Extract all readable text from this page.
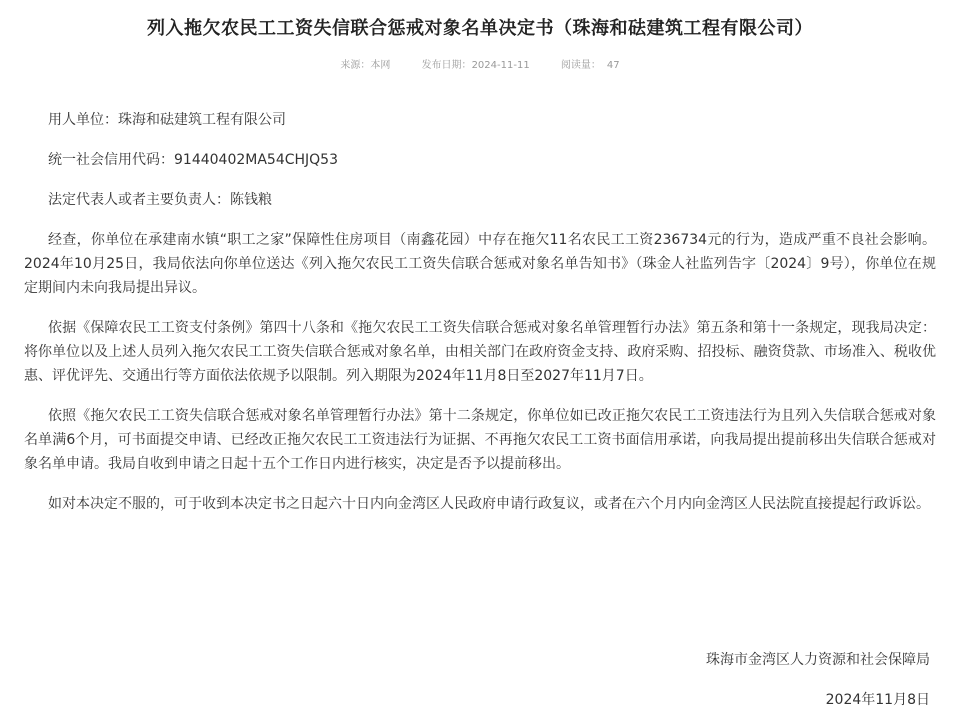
列入拖欠农民工工资失信联合惩戒对象名单决定书（珠海和砝建筑工程有限公司）
来源：本网	发布日期：2024-11-11	阅读量： 47

用人单位：珠海和砝建筑工程有限公司

统一社会信用代码：91440402MA54CHJQ53

法定代表人或者主要负责人：陈钱粮

经查，你单位在承建南水镇“职工之家”保障性住房项目（南鑫花园）中存在拖欠11名农民工工资236734元的行为，造成严重不良社会影响。2024年10月25日，我局依法向你单位送达《列入拖欠农民工工资失信联合惩戒对象名单告知书》（珠金人社监列告字〔2024〕9号），你单位在规定期间内未向我局提出异议。

依据《保障农民工工资支付条例》第四十八条和《拖欠农民工工资失信联合惩戒对象名单管理暂行办法》第五条和第十一条规定，现我局决定：将你单位以及上述人员列入拖欠农民工工资失信联合惩戒对象名单，由相关部门在政府资金支持、政府采购、招投标、融资贷款、市场准入、税收优惠、评优评先、交通出行等方面依法依规予以限制。列入期限为2024年11月8日至2027年11月7日。

依照《拖欠农民工工资失信联合惩戒对象名单管理暂行办法》第十二条规定，你单位如已改正拖欠农民工工资违法行为且列入失信联合惩戒对象名单满6个月，可书面提交申请、已经改正拖欠农民工工资违法行为证据、不再拖欠农民工工资书面信用承诺，向我局提出提前移出失信联合惩戒对象名单申请。我局自收到申请之日起十五个工作日内进行核实，决定是否予以提前移出。

如对本决定不服的，可于收到本决定书之日起六十日内向金湾区人民政府申请行政复议，或者在六个月内向金湾区人民法院直接提起行政诉讼。

珠海市金湾区人力资源和社会保障局
2024年11月8日
